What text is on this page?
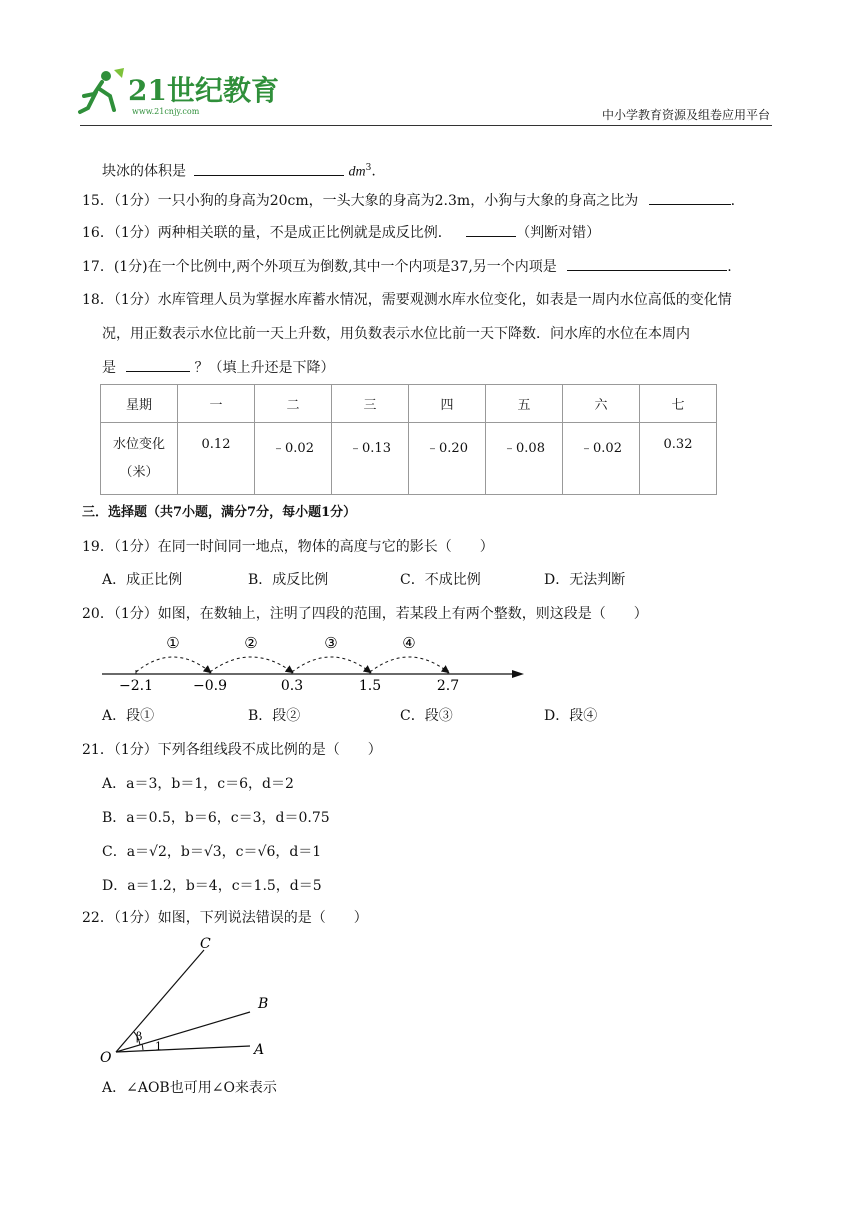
21世纪教育
www.21cnjy.com	中小学教育资源及组卷应用平台
块冰的体积是	$dm^3$.
15．（1分）一只小狗的身高为20cm，一头大象的身高为2.3m，小狗与大象的身高之比为	.
16．（1分）两种相关联的量，不是成正比例就是成反比例．	（判断对错）
17．(1分)在一个比例中,两个外项互为倒数,其中一个内项是37,另一个内项是	.
18．（1分）水库管理人员为掌握水库蓄水情况，需要观测水库水位变化，如表是一周内水位高低的变化情
况，用正数表示水位比前一天上升数，用负数表示水位比前一天下降数．问水库的水位在本周内
是	？（填上升还是下降）
星期	一	二	三	四	五	六	七

水位变化
（米）	0.12	﹣0.02	﹣0.13	﹣0.20	﹣0.08	﹣0.02	0.32
三．选择题（共7小题，满分7分，每小题1分）
19．（1分）在同一时间同一地点，物体的高度与它的影长（　　）
A．成正比例	B．成反比例	C．不成比例	D．无法判断
20．（1分）如图，在数轴上，注明了四段的范围，若某段上有两个整数，则这段是（　　）
①	②	③	④
−2.1	−0.9	0.3	1.5	2.7
A．段①	B．段②	C．段③	D．段④
21．（1分）下列各组线段不成比例的是（　　）
A．a＝3，b＝1，c＝6，d＝2
B．a＝0.5，b＝6，c＝3，d＝0.75
C．a＝√2，b＝√3，c＝√6，d＝1
D．a＝1.2，b＝4，c＝1.5，d＝5
22．（1分）如图，下列说法错误的是（　　）
C
B
A
O
β
1
A．∠AOB也可用∠O来表示
